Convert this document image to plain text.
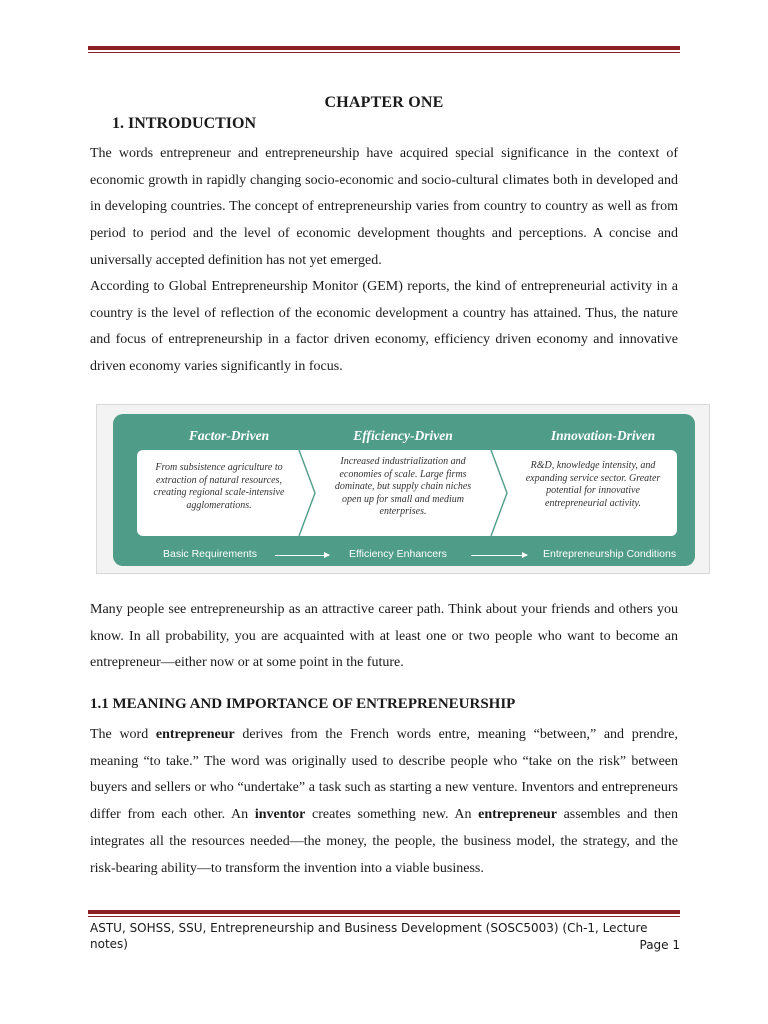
CHAPTER ONE
1. INTRODUCTION

The words entrepreneur and entrepreneurship have acquired special significance in the context of economic growth in rapidly changing socio-economic and socio-cultural climates both in developed and in developing countries. The concept of entrepreneurship varies from country to country as well as from period to period and the level of economic development thoughts and perceptions. A concise and universally accepted definition has not yet emerged.

According to Global Entrepreneurship Monitor (GEM) reports, the kind of entrepreneurial activity in a country is the level of reflection of the economic development a country has attained. Thus, the nature and focus of entrepreneurship in a factor driven economy, efficiency driven economy and innovative driven economy varies significantly in focus.

Factor-Driven	Efficiency-Driven	Innovation-Driven
From subsistence agriculture to extraction of natural resources, creating regional scale-intensive agglomerations.
Increased industrialization and economies of scale. Large firms dominate, but supply chain niches open up for small and medium enterprises.
R&D, knowledge intensity, and expanding service sector. Greater potential for innovative entrepreneurial activity.
Basic Requirements	Efficiency Enhancers	Entrepreneurship Conditions

Many people see entrepreneurship as an attractive career path. Think about your friends and others you know. In all probability, you are acquainted with at least one or two people who want to become an entrepreneur—either now or at some point in the future.

1.1 MEANING AND IMPORTANCE OF ENTREPRENEURSHIP

The word entrepreneur derives from the French words entre, meaning “between,” and prendre, meaning “to take.” The word was originally used to describe people who “take on the risk” between buyers and sellers or who “undertake” a task such as starting a new venture. Inventors and entrepreneurs differ from each other. An inventor creates something new. An entrepreneur assembles and then integrates all the resources needed—the money, the people, the business model, the strategy, and the risk-bearing ability—to transform the invention into a viable business.

ASTU, SOHSS, SSU, Entrepreneurship and Business Development (SOSC5003) (Ch-1, Lecture notes)	Page 1
